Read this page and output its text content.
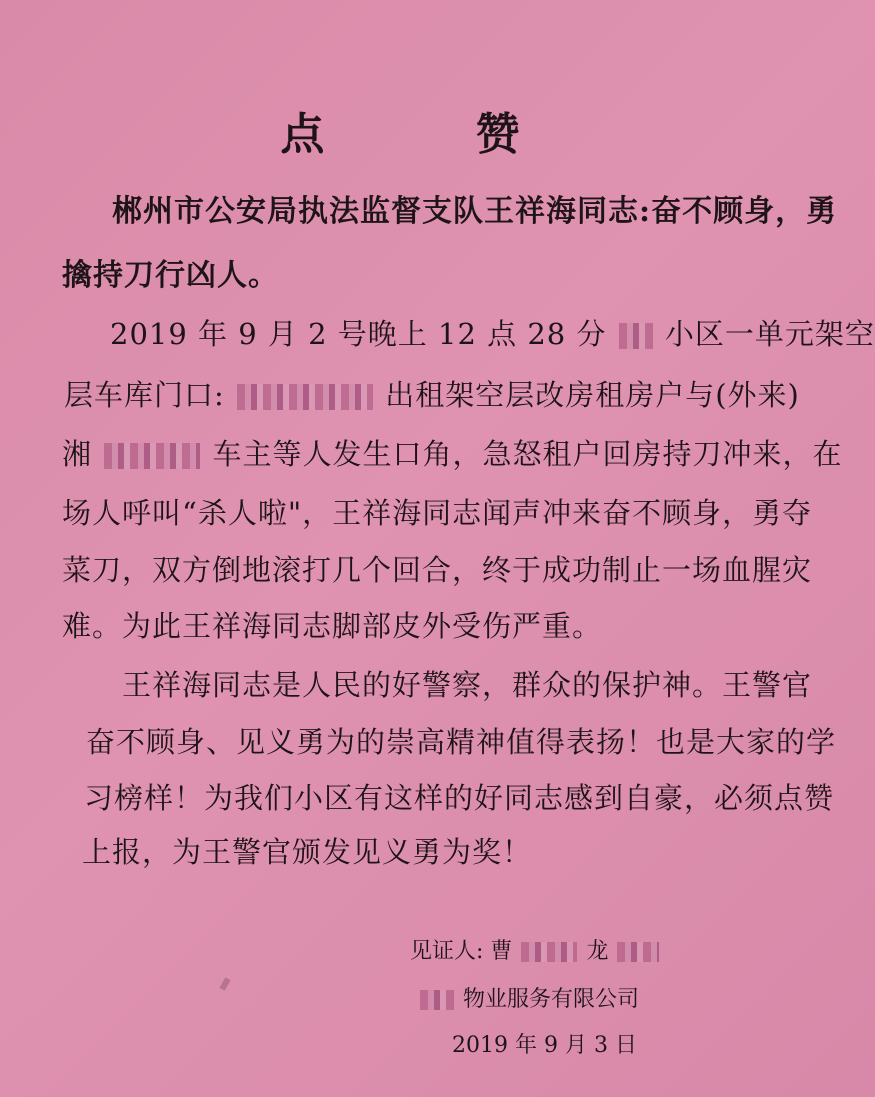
点 赞
郴州市公安局执法监督支队王祥海同志:奋不顾身，勇
擒持刀行凶人。
2019 年 9 月 2 号晚上 12 点 28 分 小区一单元架空
层车库门口:	出租架空层改房租房户与(外来)
湘	车主等人发生口角，急怒租户回房持刀冲来，在
场人呼叫“杀人啦"，王祥海同志闻声冲来奋不顾身，勇夺
菜刀，双方倒地滚打几个回合，终于成功制止一场血腥灾
难。为此王祥海同志脚部皮外受伤严重。
王祥海同志是人民的好警察，群众的保护神。王警官
奋不顾身、见义勇为的崇高精神值得表扬！也是大家的学
习榜样！为我们小区有这样的好同志感到自豪，必须点赞
上报，为王警官颁发见义勇为奖！
见证人: 曹	龙
物业服务有限公司
2019 年 9 月 3 日
